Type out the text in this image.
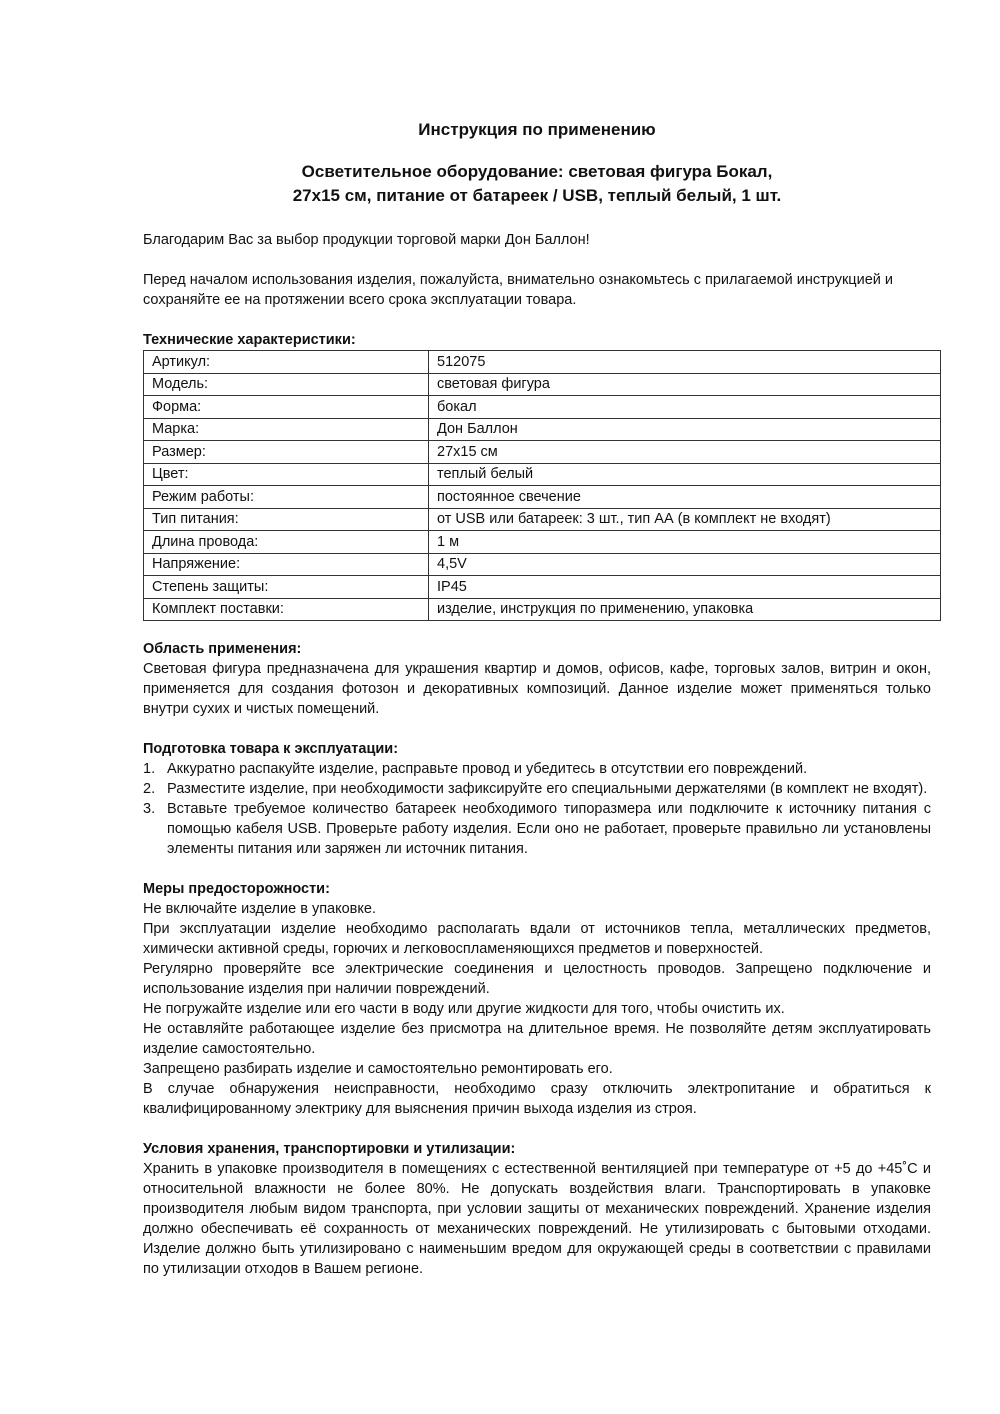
Инструкция по применению
Осветительное оборудование: световая фигура Бокал,
27х15 см, питание от батареек / USB, теплый белый, 1 шт.

Благодарим Вас за выбор продукции торговой марки Дон Баллон!

Перед началом использования изделия, пожалуйста, внимательно ознакомьтесь с прилагаемой инструкцией и сохраняйте ее на протяжении всего срока эксплуатации товара.

Технические характеристики:

Артикул:	512075
Модель:	световая фигура
Форма:	бокал
Марка:	Дон Баллон
Размер:	27х15 см
Цвет:	теплый белый
Режим работы:	постоянное свечение
Тип питания:	от USB или батареек: 3 шт., тип АА (в комплект не входят)
Длина провода:	1 м
Напряжение:	4,5V
Степень защиты:	IP45
Комплект поставки:	изделие, инструкция по применению, упаковка

Область применения:

Световая фигура предназначена для украшения квартир и домов, офисов, кафе, торговых залов, витрин и окон, применяется для создания фотозон и декоративных композиций. Данное изделие может применяться только внутри сухих и чистых помещений.

Подготовка товара к эксплуатации:

1. Аккуратно распакуйте изделие, расправьте провод и убедитесь в отсутствии его повреждений.
2. Разместите изделие, при необходимости зафиксируйте его специальными держателями (в комплект не входят).
3. Вставьте требуемое количество батареек необходимого типоразмера или подключите к источнику питания с помощью кабеля USB. Проверьте работу изделия. Если оно не работает, проверьте правильно ли установлены элементы питания или заряжен ли источник питания.

Меры предосторожности:

Не включайте изделие в упаковке.

При эксплуатации изделие необходимо располагать вдали от источников тепла, металлических предметов, химически активной среды, горючих и легковоспламеняющихся предметов и поверхностей.

Регулярно проверяйте все электрические соединения и целостность проводов. Запрещено подключение и использование изделия при наличии повреждений.

Не погружайте изделие или его части в воду или другие жидкости для того, чтобы очистить их.

Не оставляйте работающее изделие без присмотра на длительное время. Не позволяйте детям эксплуатировать изделие самостоятельно.

Запрещено разбирать изделие и самостоятельно ремонтировать его.

В случае обнаружения неисправности, необходимо сразу отключить электропитание и обратиться к квалифицированному электрику для выяснения причин выхода изделия из строя.

Условия хранения, транспортировки и утилизации:

Хранить в упаковке производителя в помещениях с естественной вентиляцией при температуре от +5 до +45˚С и относительной влажности не более 80%. Не допускать воздействия влаги. Транспортировать в упаковке производителя любым видом транспорта, при условии защиты от механических повреждений. Хранение изделия должно обеспечивать её сохранность от механических повреждений. Не утилизировать с бытовыми отходами. Изделие должно быть утилизировано с наименьшим вредом для окружающей среды в соответствии с правилами по утилизации отходов в Вашем регионе.
